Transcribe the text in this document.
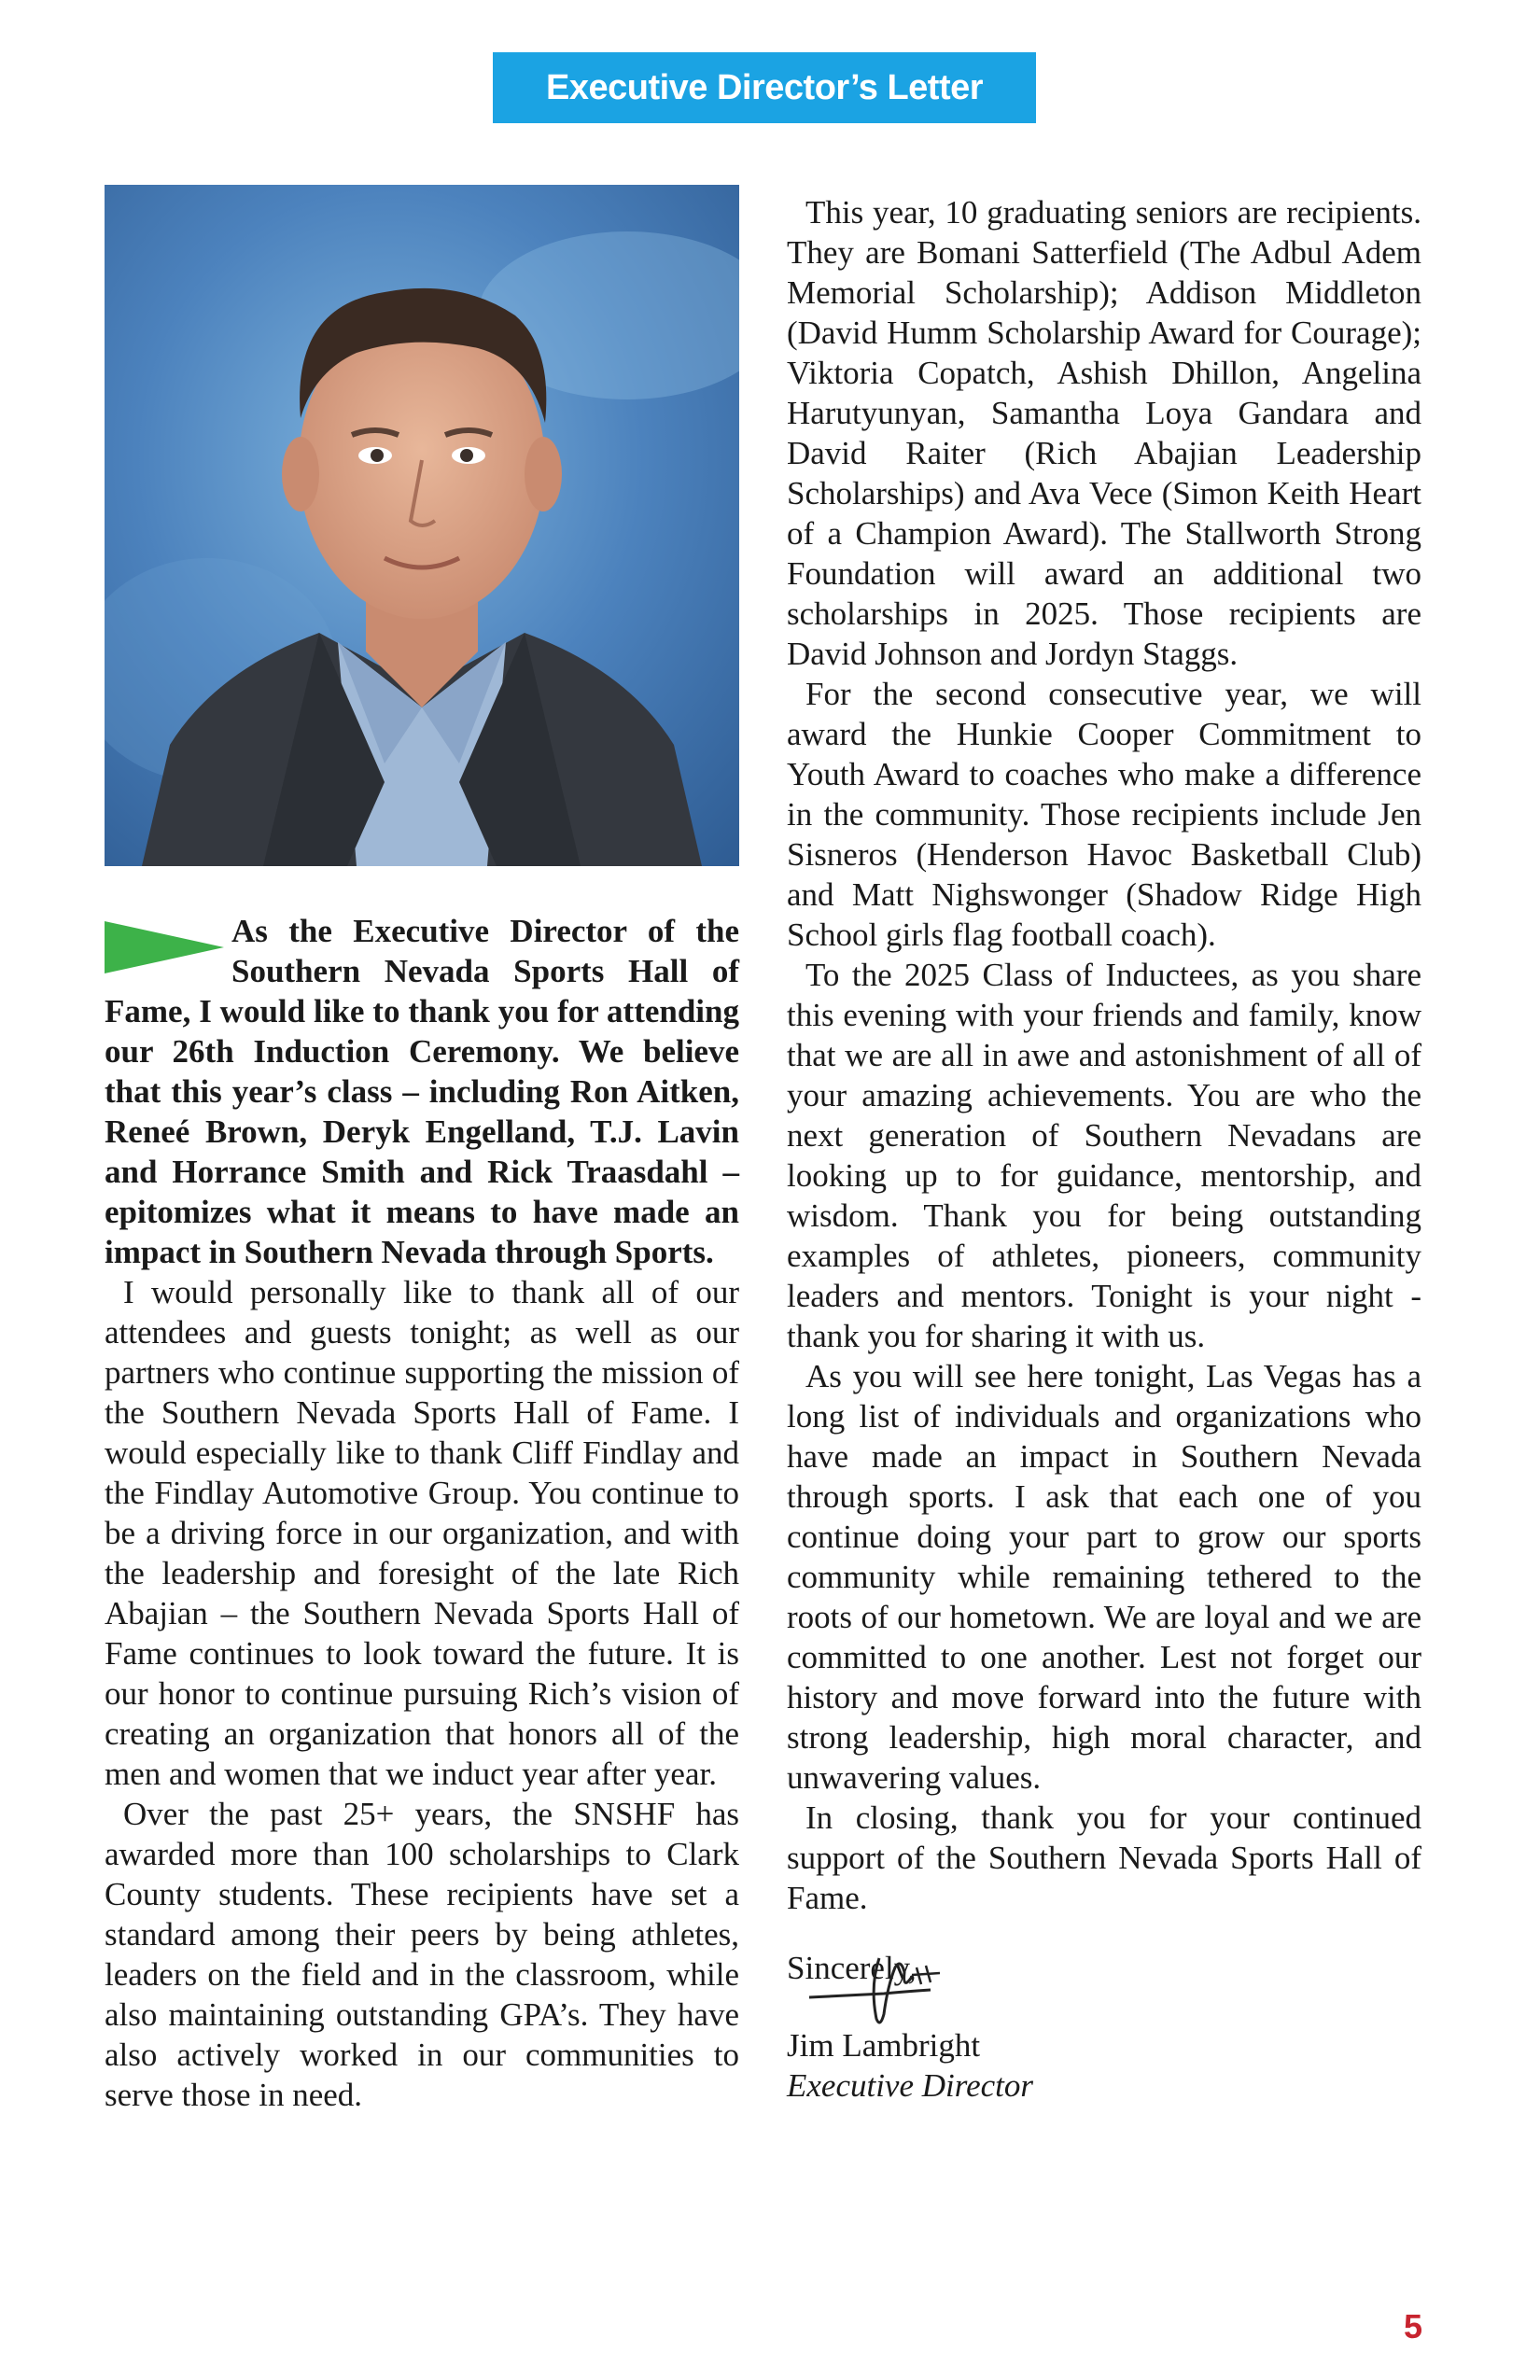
Executive Director’s Letter

As the Executive Director of the Southern Nevada Sports Hall of Fame, I would like to thank you for attending our 26th Induction Ceremony. We believe that this year’s class – including Ron Aitken, Reneé Brown, Deryk Engelland, T.J. Lavin and Horrance Smith and Rick Traasdahl – epitomizes what it means to have made an impact in Southern Nevada through Sports.

I would personally like to thank all of our attendees and guests tonight; as well as our partners who continue supporting the mission of the Southern Nevada Sports Hall of Fame. I would especially like to thank Cliff Findlay and the Findlay Automotive Group. You continue to be a driving force in our organization, and with the leadership and foresight of the late Rich Abajian – the Southern Nevada Sports Hall of Fame continues to look toward the future. It is our honor to continue pursuing Rich’s vision of creating an organization that honors all of the men and women that we induct year after year.

Over the past 25+ years, the SNSHF has awarded more than 100 scholarships to Clark County students. These recipients have set a standard among their peers by being athletes, leaders on the field and in the classroom, while also maintaining outstanding GPA’s. They have also actively worked in our communities to serve those in need.

This year, 10 graduating seniors are recipients. They are Bomani Satterfield (The Adbul Adem Memorial Scholarship); Addison Middleton (David Humm Scholarship Award for Courage); Viktoria Copatch, Ashish Dhillon, Angelina Harutyunyan, Samantha Loya Gandara and David Raiter (Rich Abajian Leadership Scholarships) and Ava Vece (Simon Keith Heart of a Champion Award). The Stallworth Strong Foundation will award an additional two scholarships in 2025. Those recipients are David Johnson and Jordyn Staggs.

For the second consecutive year, we will award the Hunkie Cooper Commitment to Youth Award to coaches who make a difference in the community. Those recipients include Jen Sisneros (Henderson Havoc Basketball Club) and Matt Nighswonger (Shadow Ridge High School girls flag football coach).

To the 2025 Class of Inductees, as you share this evening with your friends and family, know that we are all in awe and astonishment of all of your amazing achievements. You are who the next generation of Southern Nevadans are looking up to for guidance, mentorship, and wisdom. Thank you for being outstanding examples of athletes, pioneers, community leaders and mentors. Tonight is your night - thank you for sharing it with us.

As you will see here tonight, Las Vegas has a long list of individuals and organizations who have made an impact in Southern Nevada through sports. I ask that each one of you continue doing your part to grow our sports community while remaining tethered to the roots of our hometown. We are loyal and we are committed to one another. Lest not forget our history and move forward into the future with strong leadership, high moral character, and unwavering values.

In closing, thank you for your continued support of the Southern Nevada Sports Hall of Fame.

Sincerely,

Jim Lambright

Executive Director

5
